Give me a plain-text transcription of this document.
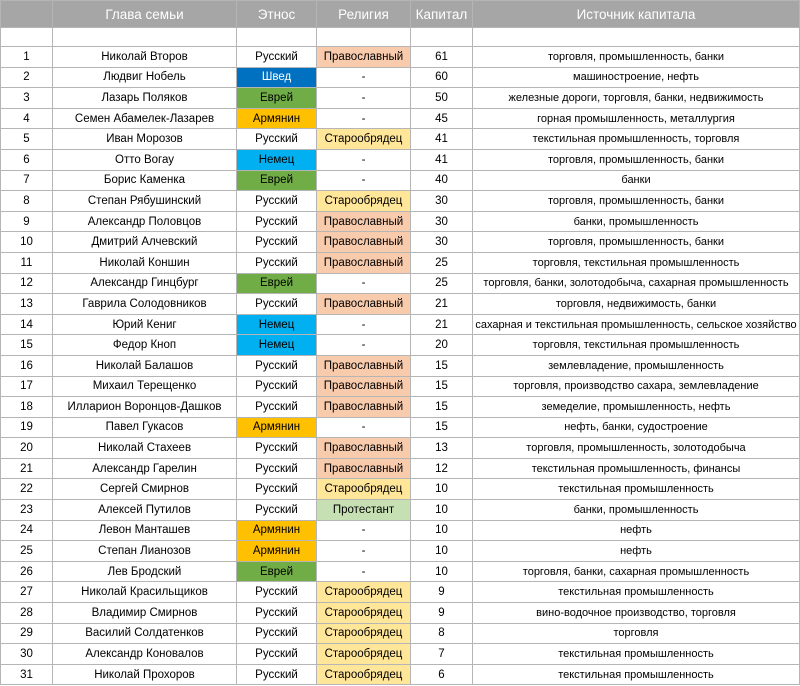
	Глава семьи	Этнос	Религия	Капитал	Источник капитала

1	Николай Второв	Русский	Православный	61	торговля, промышленность, банки
2	Людвиг Нобель	Швед	-	60	машиностроение, нефть
3	Лазарь Поляков	Еврей	-	50	железные дороги, торговля, банки, недвижимость
4	Семен Абамелек-Лазарев	Армянин	-	45	горная промышленность, металлургия
5	Иван Морозов	Русский	Старообрядец	41	текстильная промышленность, торговля
6	Отто Вогау	Немец	-	41	торговля, промышленность, банки
7	Борис Каменка	Еврей	-	40	банки
8	Степан Рябушинский	Русский	Старообрядец	30	торговля, промышленность, банки
9	Александр Половцов	Русский	Православный	30	банки, промышленность
10	Дмитрий Алчевский	Русский	Православный	30	торговля, промышленность, банки
11	Николай Коншин	Русский	Православный	25	торговля, текстильная промышленность
12	Александр Гинцбург	Еврей	-	25	торговля, банки, золотодобыча, сахарная промышленность
13	Гаврила Солодовников	Русский	Православный	21	торговля, недвижимость, банки
14	Юрий Кениг	Немец	-	21	сахарная и текстильная промышленность, сельское хозяйство
15	Федор Кноп	Немец	-	20	торговля, текстильная промышленность
16	Николай Балашов	Русский	Православный	15	землевладение, промышленность
17	Михаил Терещенко	Русский	Православный	15	торговля, производство сахара, землевладение
18	Илларион Воронцов-Дашков	Русский	Православный	15	земеделие, промышленность, нефть
19	Павел Гукасов	Армянин	-	15	нефть, банки, судостроение
20	Николай Стахеев	Русский	Православный	13	торговля, промышленность, золотодобыча
21	Александр Гарелин	Русский	Православный	12	текстильная промышленность, финансы
22	Сергей Смирнов	Русский	Старообрядец	10	текстильная промышленность
23	Алексей Путилов	Русский	Протестант	10	банки, промышленность
24	Левон Манташев	Армянин	-	10	нефть
25	Степан Лианозов	Армянин	-	10	нефть
26	Лев Бродский	Еврей	-	10	торговля, банки, сахарная промышленность
27	Николай Красильщиков	Русский	Старообрядец	9	текстильная промышленность
28	Владимир Смирнов	Русский	Старообрядец	9	вино-водочное производство, торговля
29	Василий Солдатенков	Русский	Старообрядец	8	торговля
30	Александр Коновалов	Русский	Старообрядец	7	текстильная промышленность
31	Николай Прохоров	Русский	Старообрядец	6	текстильная промышленность
